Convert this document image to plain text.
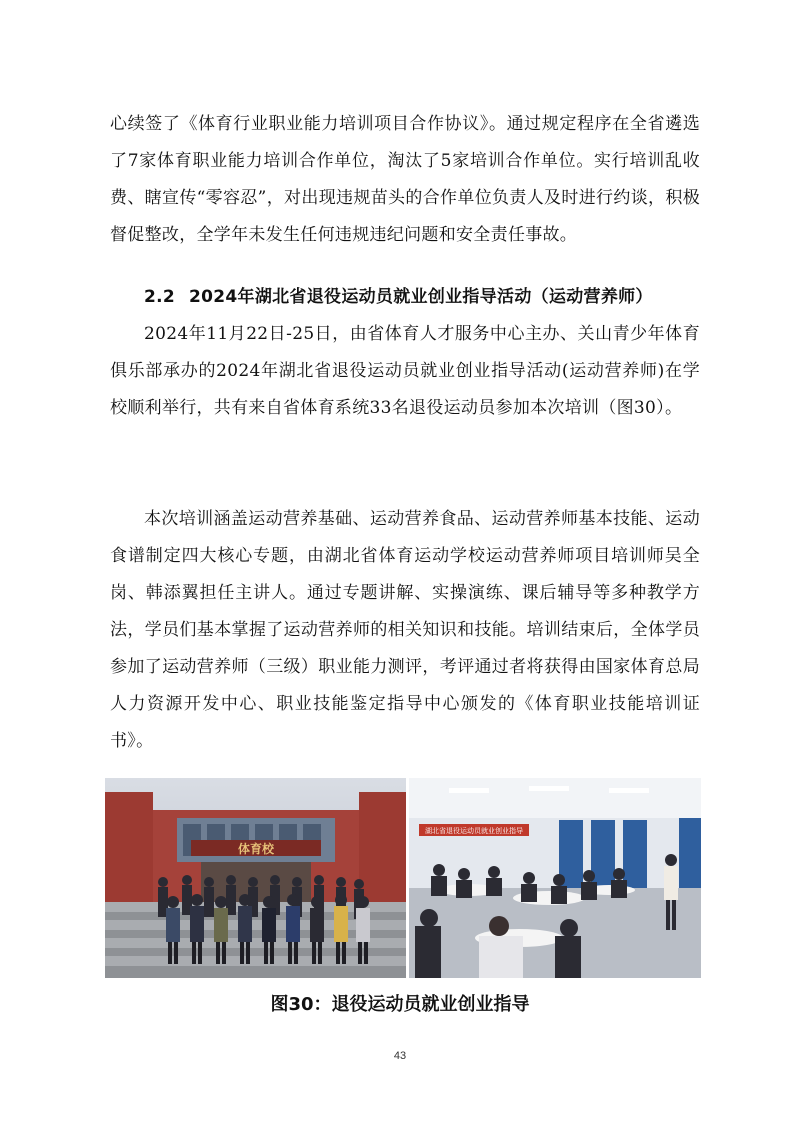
心续签了《体育行业职业能力培训项目合作协议》。通过规定程序在全省遴选了7家体育职业能力培训合作单位，淘汰了5家培训合作单位。实行培训乱收费、瞎宣传“零容忍”，对出现违规苗头的合作单位负责人及时进行约谈，积极督促整改，全学年未发生任何违规违纪问题和安全责任事故。

2.2 2024年湖北省退役运动员就业创业指导活动（运动营养师）

2024年11月22日-25日，由省体育人才服务中心主办、关山青少年体育俱乐部承办的2024年湖北省退役运动员就业创业指导活动(运动营养师)在学校顺利举行，共有来自省体育系统33名退役运动员参加本次培训（图30）。

本次培训涵盖运动营养基础、运动营养食品、运动营养师基本技能、运动食谱制定四大核心专题，由湖北省体育运动学校运动营养师项目培训师吴全岗、韩添翼担任主讲人。通过专题讲解、实操演练、课后辅导等多种教学方法，学员们基本掌握了运动营养师的相关知识和技能。培训结束后，全体学员参加了运动营养师（三级）职业能力测评，考评通过者将获得由国家体育总局人力资源开发中心、职业技能鉴定指导中心颁发的《体育职业技能培训证书》。

体育校
湖北省退役运动员就业创业指导

图30：退役运动员就业创业指导

43
